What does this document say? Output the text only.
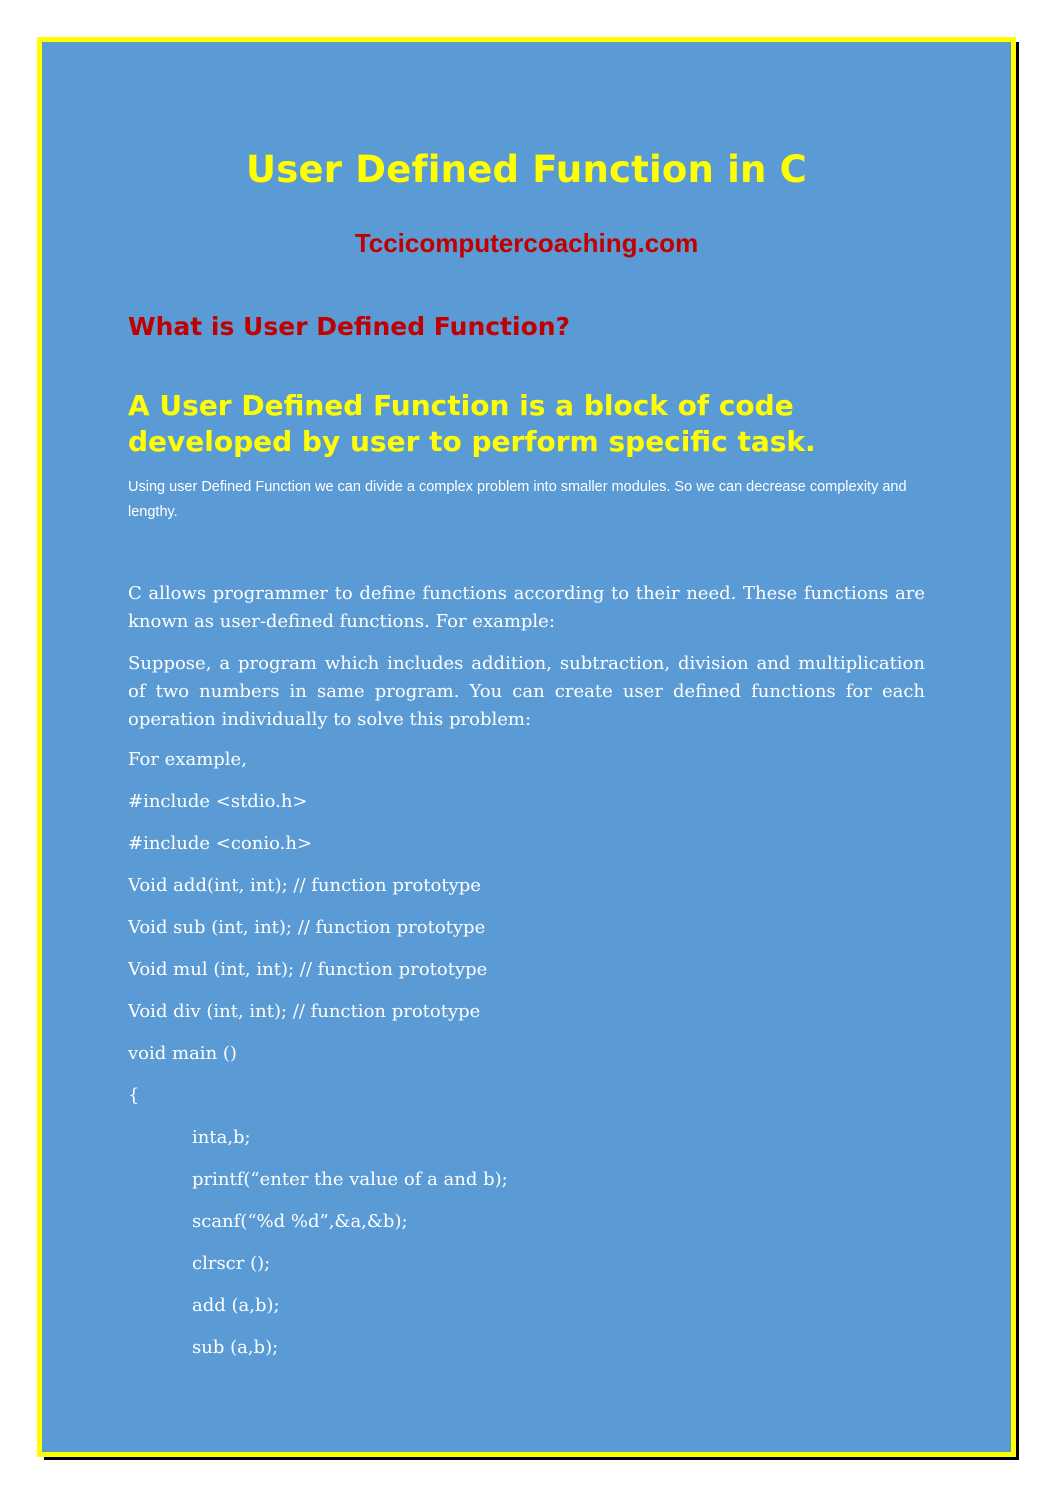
User Defined Function in C
Tccicomputercoaching.com
What is User Defined Function?
A User Defined Function is a block of code developed by user to perform specific task.
Using user Defined Function we can divide a complex problem into smaller modules. So we can decrease complexity and lengthy.
C allows programmer to define functions according to their need. These functions are known as user-defined functions. For example:
Suppose, a program which includes addition, subtraction, division and multiplication of two numbers in same program. You can create user defined functions for each operation individually to solve this problem:
For example,
#include <stdio.h>
#include <conio.h>
Void add(int, int); // function prototype
Void sub (int, int); // function prototype
Void mul (int, int); // function prototype
Void div (int, int); // function prototype
void main ()
{
inta,b;
printf(“enter the value of a and b);
scanf(“%d %d”,&a,&b);
clrscr ();
add (a,b);
sub (a,b);
